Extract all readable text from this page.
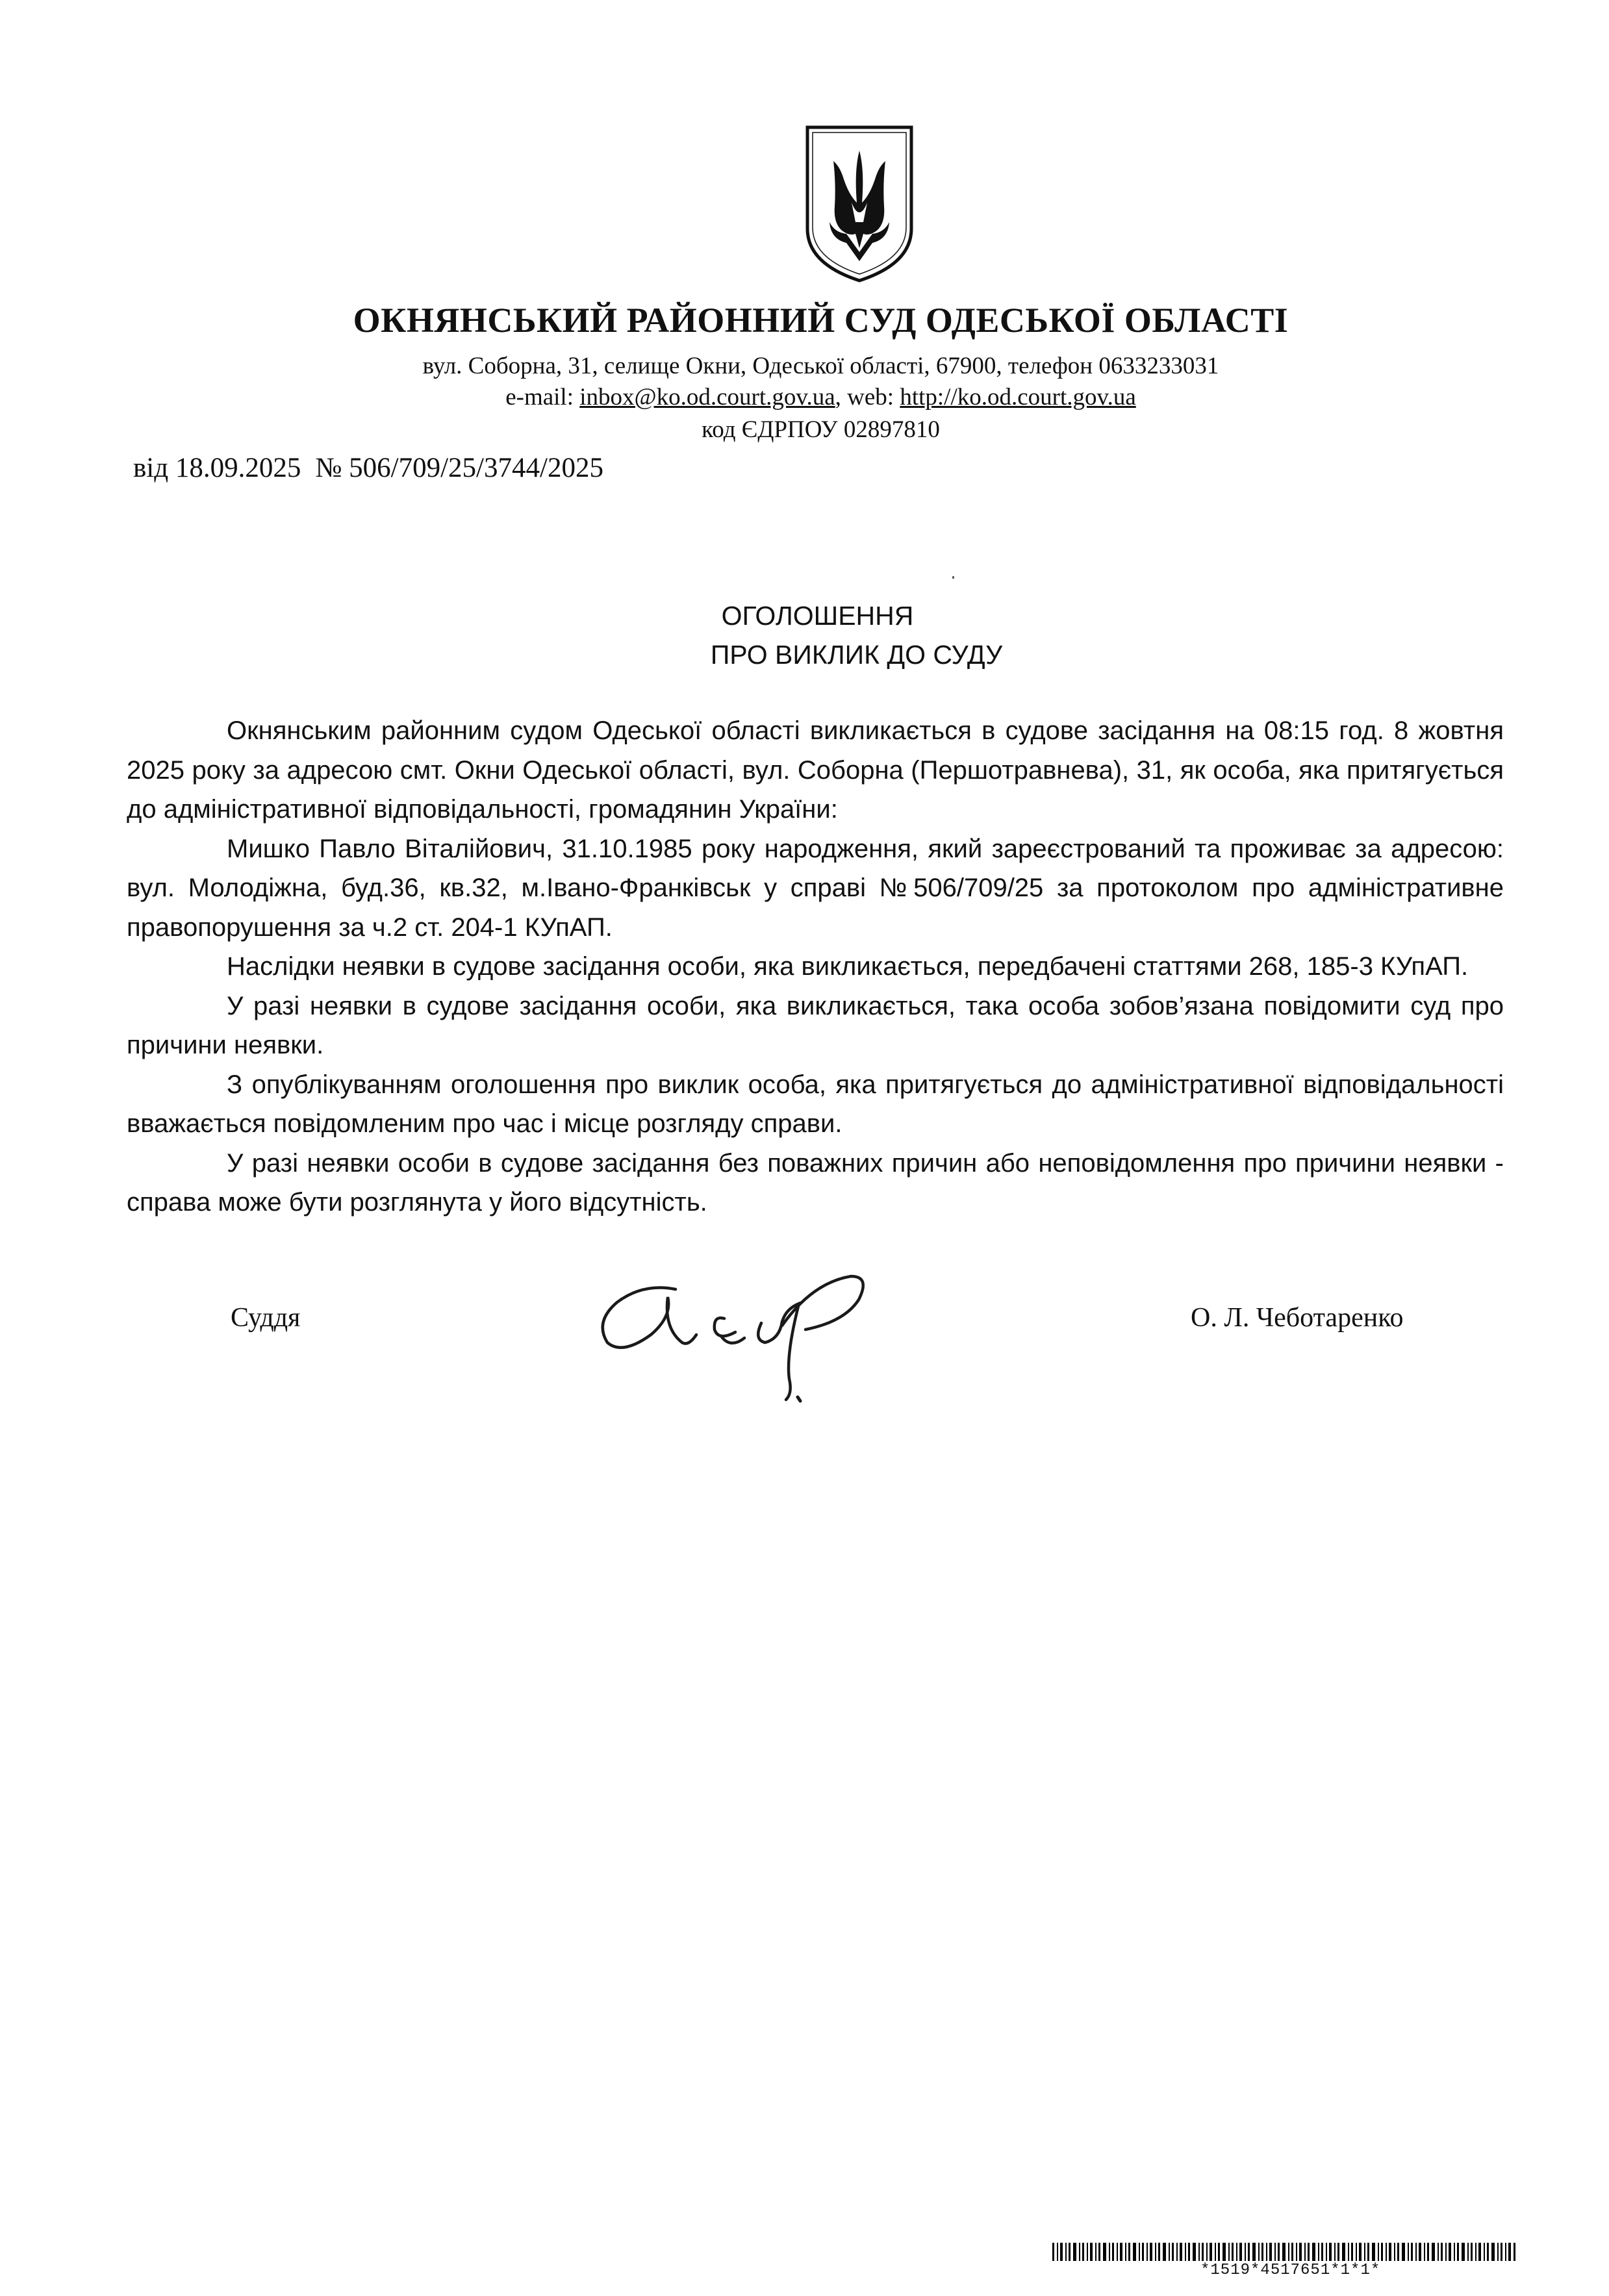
ОКНЯНСЬКИЙ РАЙОННИЙ СУД ОДЕСЬКОЇ ОБЛАСТІ
вул. Соборна, 31, селище Окни, Одеської області, 67900, телефон 0633233031
e-mail: inbox@ko.od.court.gov.ua, web: http://ko.od.court.gov.ua
код ЄДРПОУ 02897810
від 18.09.2025 № 506/709/25/3744/2025
ОГОЛОШЕННЯ
ПРО ВИКЛИК ДО СУДУ

Окнянським районним судом Одеської області викликається в судове засідання на 08:15 год. 8 жовтня 2025 року за адресою смт. Окни Одеської області, вул. Соборна (Першотравнева), 31, як особа, яка притягується до адміністративної відповідальності, громадянин України:

Мишко Павло Віталійович, 31.10.1985 року народження, який зареєстрований та проживає за адресою: вул. Молодіжна, буд.36, кв.32, м.Івано-Франківськ у справі №506/709/25 за протоколом про адміністративне правопорушення за ч.2 ст. 204-1 КУпАП.

Наслідки неявки в судове засідання особи, яка викликається, передбачені статтями 268, 185-3 КУпАП.

У разі неявки в судове засідання особи, яка викликається, така особа зобов’язана повідомити суд про причини неявки.

З опублікуванням оголошення про виклик особа, яка притягується до адміністративної відповідальності вважається повідомленим про час і місце розгляду справи.

У разі неявки особи в судове засідання без поважних причин або неповідомлення про причини неявки - справа може бути розглянута у його відсутність.

Суддя	О. Л. Чеботаренко
*1519*4517651*1*1*
